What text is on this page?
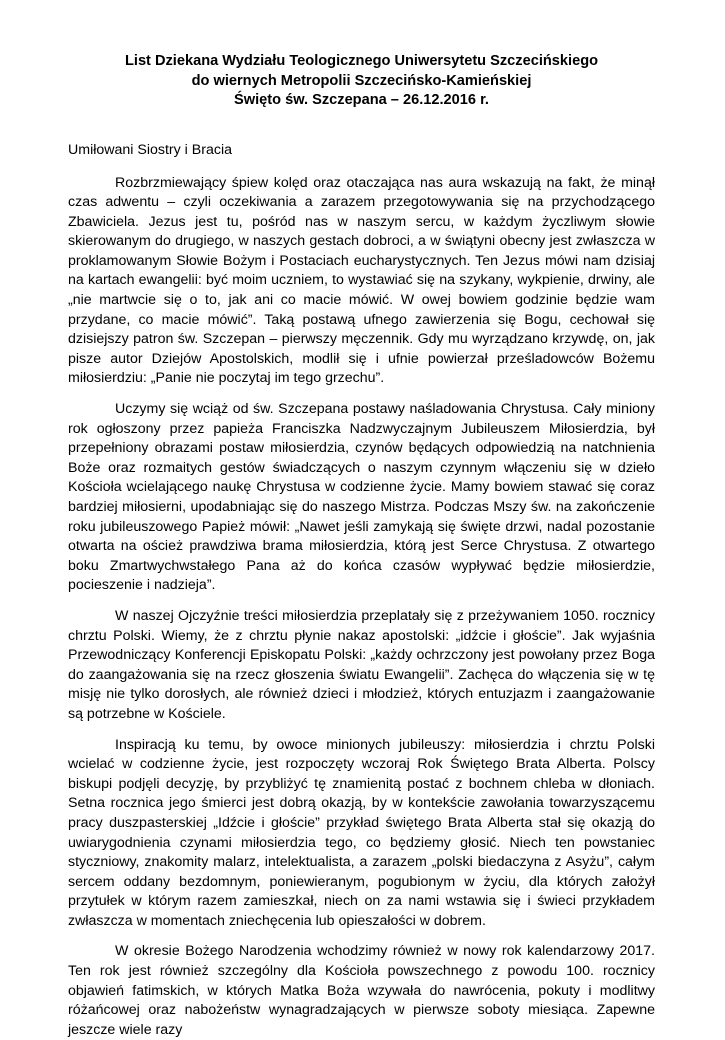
List Dziekana Wydziału Teologicznego Uniwersytetu Szczecińskiego

do wiernych Metropolii Szczecińsko-Kamieńskiej

Święto św. Szczepana – 26.12.2016 r.

Umiłowani Siostry i Bracia

Rozbrzmiewający śpiew kolęd oraz otaczająca nas aura wskazują na fakt, że minął czas adwentu – czyli oczekiwania a zarazem przegotowywania się na przychodzącego Zbawiciela. Jezus jest tu, pośród nas w naszym sercu, w każdym życzliwym słowie skierowanym do drugiego, w naszych gestach dobroci, a w świątyni obecny jest zwłaszcza w proklamowanym Słowie Bożym i Postaciach eucharystycznych. Ten Jezus mówi nam dzisiaj na kartach ewangelii: być moim uczniem, to wystawiać się na szykany, wykpienie, drwiny, ale „nie martwcie się o to, jak ani co macie mówić. W owej bowiem godzinie będzie wam przydane, co macie mówić”. Taką postawą ufnego zawierzenia się Bogu, cechował się dzisiejszy patron św. Szczepan – pierwszy męczennik. Gdy mu wyrządzano krzywdę, on, jak pisze autor Dziejów Apostolskich, modlił się i ufnie powierzał prześladowców Bożemu miłosierdziu: „Panie nie poczytaj im tego grzechu”.

Uczymy się wciąż od św. Szczepana postawy naśladowania Chrystusa. Cały miniony rok ogłoszony przez papieża Franciszka Nadzwyczajnym Jubileuszem Miłosierdzia, był przepełniony obrazami postaw miłosierdzia, czynów będących odpowiedzią na natchnienia Boże oraz rozmaitych gestów świadczących o naszym czynnym włączeniu się w dzieło Kościoła wcielającego naukę Chrystusa w codzienne życie. Mamy bowiem stawać się coraz bardziej miłosierni, upodabniając się do naszego Mistrza. Podczas Mszy św. na zakończenie roku jubileuszowego Papież mówił: „Nawet jeśli zamykają się święte drzwi, nadal pozostanie otwarta na oścież prawdziwa brama miłosierdzia, którą jest Serce Chrystusa. Z otwartego boku Zmartwychwstałego Pana aż do końca czasów wypływać będzie miłosierdzie, pocieszenie i nadzieja”.

W naszej Ojczyźnie treści miłosierdzia przeplatały się z przeżywaniem 1050. rocznicy chrztu Polski. Wiemy, że z chrztu płynie nakaz apostolski: „idźcie i głoście”. Jak wyjaśnia Przewodniczący Konferencji Episkopatu Polski: „każdy ochrzczony jest powołany przez Boga do zaangażowania się na rzecz głoszenia światu Ewangelii”. Zachęca do włączenia się w tę misję nie tylko dorosłych, ale również dzieci i młodzież, których entuzjazm i zaangażowanie są potrzebne w Kościele.

Inspiracją ku temu, by owoce minionych jubileuszy: miłosierdzia i chrztu Polski wcielać w codzienne życie, jest rozpoczęty wczoraj Rok Świętego Brata Alberta. Polscy biskupi podjęli decyzję, by przybliżyć tę znamienitą postać z bochnem chleba w dłoniach. Setna rocznica jego śmierci jest dobrą okazją, by w kontekście zawołania towarzyszącemu pracy duszpasterskiej „Idźcie i głoście” przykład świętego Brata Alberta stał się okazją do uwiarygodnienia czynami miłosierdzia tego, co będziemy głosić. Niech ten powstaniec styczniowy, znakomity malarz, intelektualista, a zarazem „polski biedaczyna z Asyżu”, całym sercem oddany bezdomnym, poniewieranym, pogubionym w życiu, dla których założył przytułek w którym razem zamieszkał, niech on za nami wstawia się i świeci przykładem zwłaszcza w momentach zniechęcenia lub opieszałości w dobrem.

W okresie Bożego Narodzenia wchodzimy również w nowy rok kalendarzowy 2017. Ten rok jest również szczególny dla Kościoła powszechnego z powodu 100. rocznicy objawień fatimskich, w których Matka Boża wzywała do nawrócenia, pokuty i modlitwy różańcowej oraz nabożeństw wynagradzających w pierwsze soboty miesiąca. Zapewne jeszcze wiele razy
